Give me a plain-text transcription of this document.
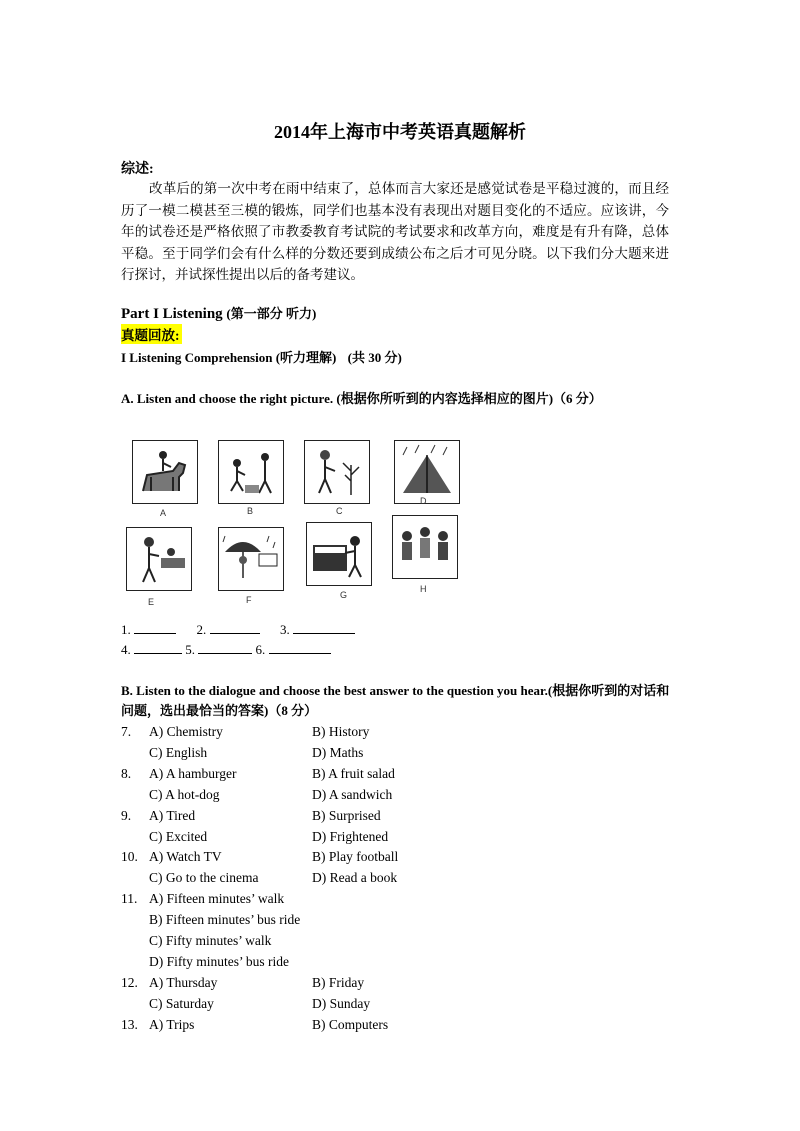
2014年上海市中考英语真题解析
综述:
改革后的第一次中考在雨中结束了，总体而言大家还是感觉试卷是平稳过渡的，而且经历了一模二模甚至三模的锻炼，同学们也基本没有表现出对题目变化的不适应。应该讲，今年的试卷还是严格依照了市教委教育考试院的考试要求和改革方向，难度是有升有降，总体平稳。至于同学们会有什么样的分数还要到成绩公布之后才可见分晓。以下我们分大题来进行探讨，并试探性提出以后的备考建议。
Part I Listening (第一部分 听力)
真题回放:
I Listening Comprehension (听力理解) (共 30 分)
A. Listen and choose the right picture. (根据你所听到的内容选择相应的图片)（6 分）
A	B	C
D
E	F	G
H
1.	2.	3.
4.	5.	6.
B. Listen to the dialogue and choose the best answer to the question you hear.(根据你听到的对话和问题，选出最恰当的答案)（8 分）
7. A) Chemistry	B) History
C) English	D) Maths
8. A) A hamburger	B) A fruit salad
C) A hot-dog	D) A sandwich
9. A) Tired	B) Surprised
C) Excited	D) Frightened
10. A) Watch TV	B) Play football
C) Go to the cinema	D) Read a book
11. A) Fifteen minutes’ walk
B) Fifteen minutes’ bus ride
C) Fifty minutes’ walk
D) Fifty minutes’ bus ride
12. A) Thursday	B) Friday
C) Saturday	D) Sunday
13. A) Trips	B) Computers
